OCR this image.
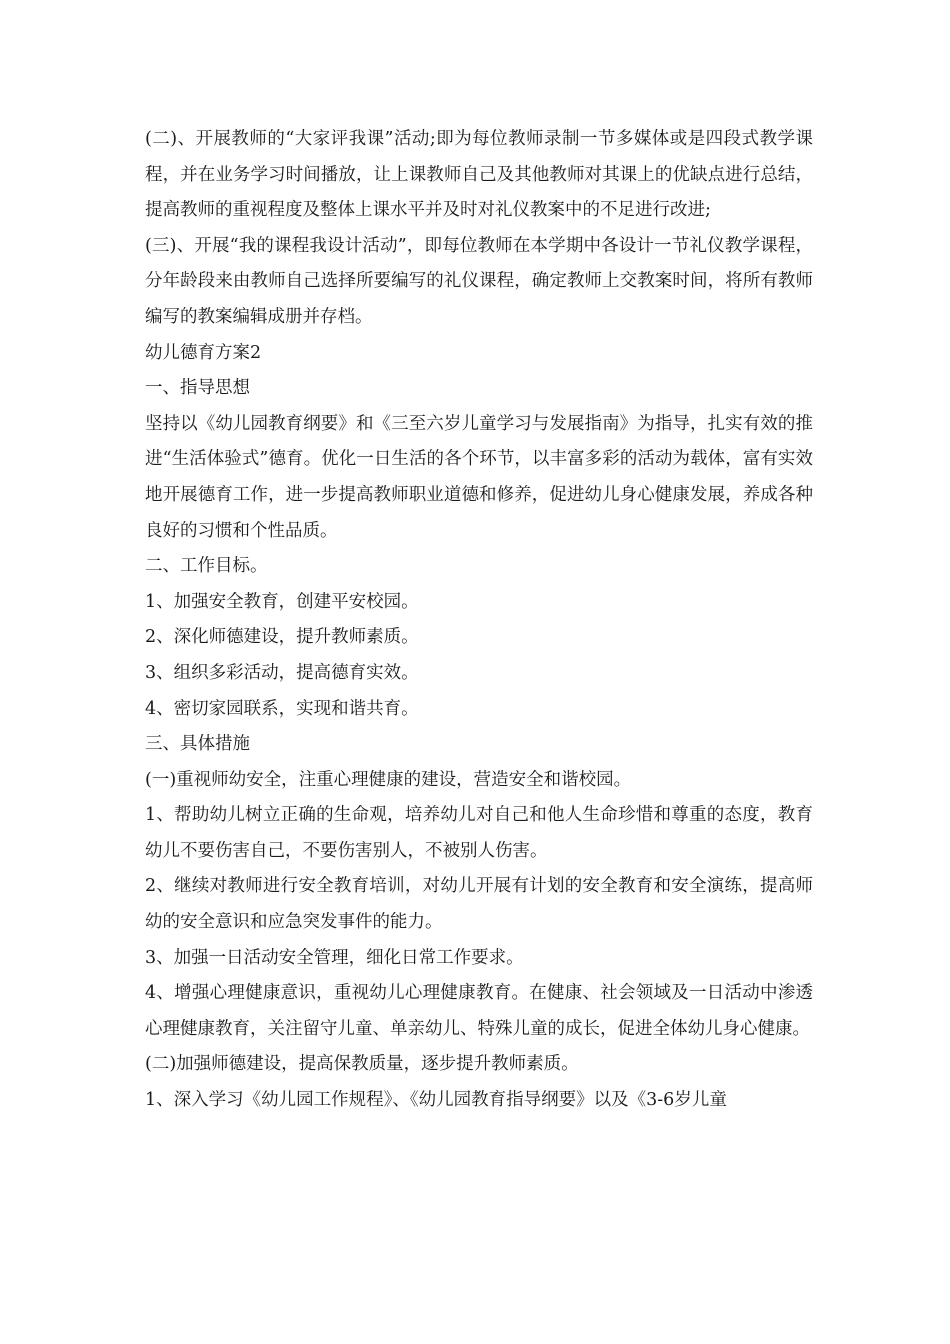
(二)、开展教师的“大家评我课”活动;即为每位教师录制一节多媒体或是四段式教学课程，并在业务学习时间播放，让上课教师自己及其他教师对其课上的优缺点进行总结，提高教师的重视程度及整体上课水平并及时对礼仪教案中的不足进行改进;

(三)、开展“我的课程我设计活动”，即每位教师在本学期中各设计一节礼仪教学课程，分年龄段来由教师自己选择所要编写的礼仪课程，确定教师上交教案时间，将所有教师编写的教案编辑成册并存档。

幼儿德育方案2

一、指导思想

坚持以《幼儿园教育纲要》和《三至六岁儿童学习与发展指南》为指导，扎实有效的推进“生活体验式”德育。优化一日生活的各个环节，以丰富多彩的活动为载体，富有实效地开展德育工作，进一步提高教师职业道德和修养，促进幼儿身心健康发展，养成各种良好的习惯和个性品质。

二、工作目标。

1、加强安全教育，创建平安校园。

2、深化师德建设，提升教师素质。

3、组织多彩活动，提高德育实效。

4、密切家园联系，实现和谐共育。

三、具体措施

(一)重视师幼安全，注重心理健康的建设，营造安全和谐校园。

1、帮助幼儿树立正确的生命观，培养幼儿对自己和他人生命珍惜和尊重的态度，教育幼儿不要伤害自己，不要伤害别人，不被别人伤害。

2、继续对教师进行安全教育培训，对幼儿开展有计划的安全教育和安全演练，提高师幼的安全意识和应急突发事件的能力。

3、加强一日活动安全管理，细化日常工作要求。

4、增强心理健康意识，重视幼儿心理健康教育。在健康、社会领域及一日活动中渗透心理健康教育，关注留守儿童、单亲幼儿、特殊儿童的成长，促进全体幼儿身心健康。

(二)加强师德建设，提高保教质量，逐步提升教师素质。

1、深入学习《幼儿园工作规程》、《幼儿园教育指导纲要》以及《3-6岁儿童
